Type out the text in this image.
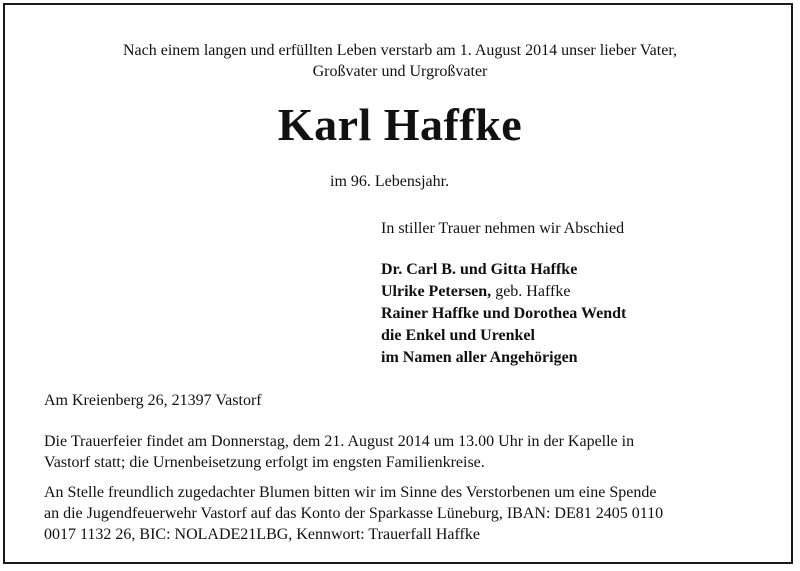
Nach einem langen und erfüllten Leben verstarb am 1. August 2014 unser lieber Vater,
Großvater und Urgroßvater
Karl Haffke
im 96. Lebensjahr.
In stiller Trauer nehmen wir Abschied
Dr. Carl B. und Gitta Haffke
Ulrike Petersen, geb. Haffke
Rainer Haffke und Dorothea Wendt
die Enkel und Urenkel
im Namen aller Angehörigen
Am Kreienberg 26, 21397 Vastorf
Die Trauerfeier findet am Donnerstag, dem 21. August 2014 um 13.00 Uhr in der Kapelle in
Vastorf statt; die Urnenbeisetzung erfolgt im engsten Familienkreise.
An Stelle freundlich zugedachter Blumen bitten wir im Sinne des Verstorbenen um eine Spende
an die Jugendfeuerwehr Vastorf auf das Konto der Sparkasse Lüneburg, IBAN: DE81 2405 0110
0017 1132 26, BIC: NOLADE21LBG, Kennwort: Trauerfall Haffke
